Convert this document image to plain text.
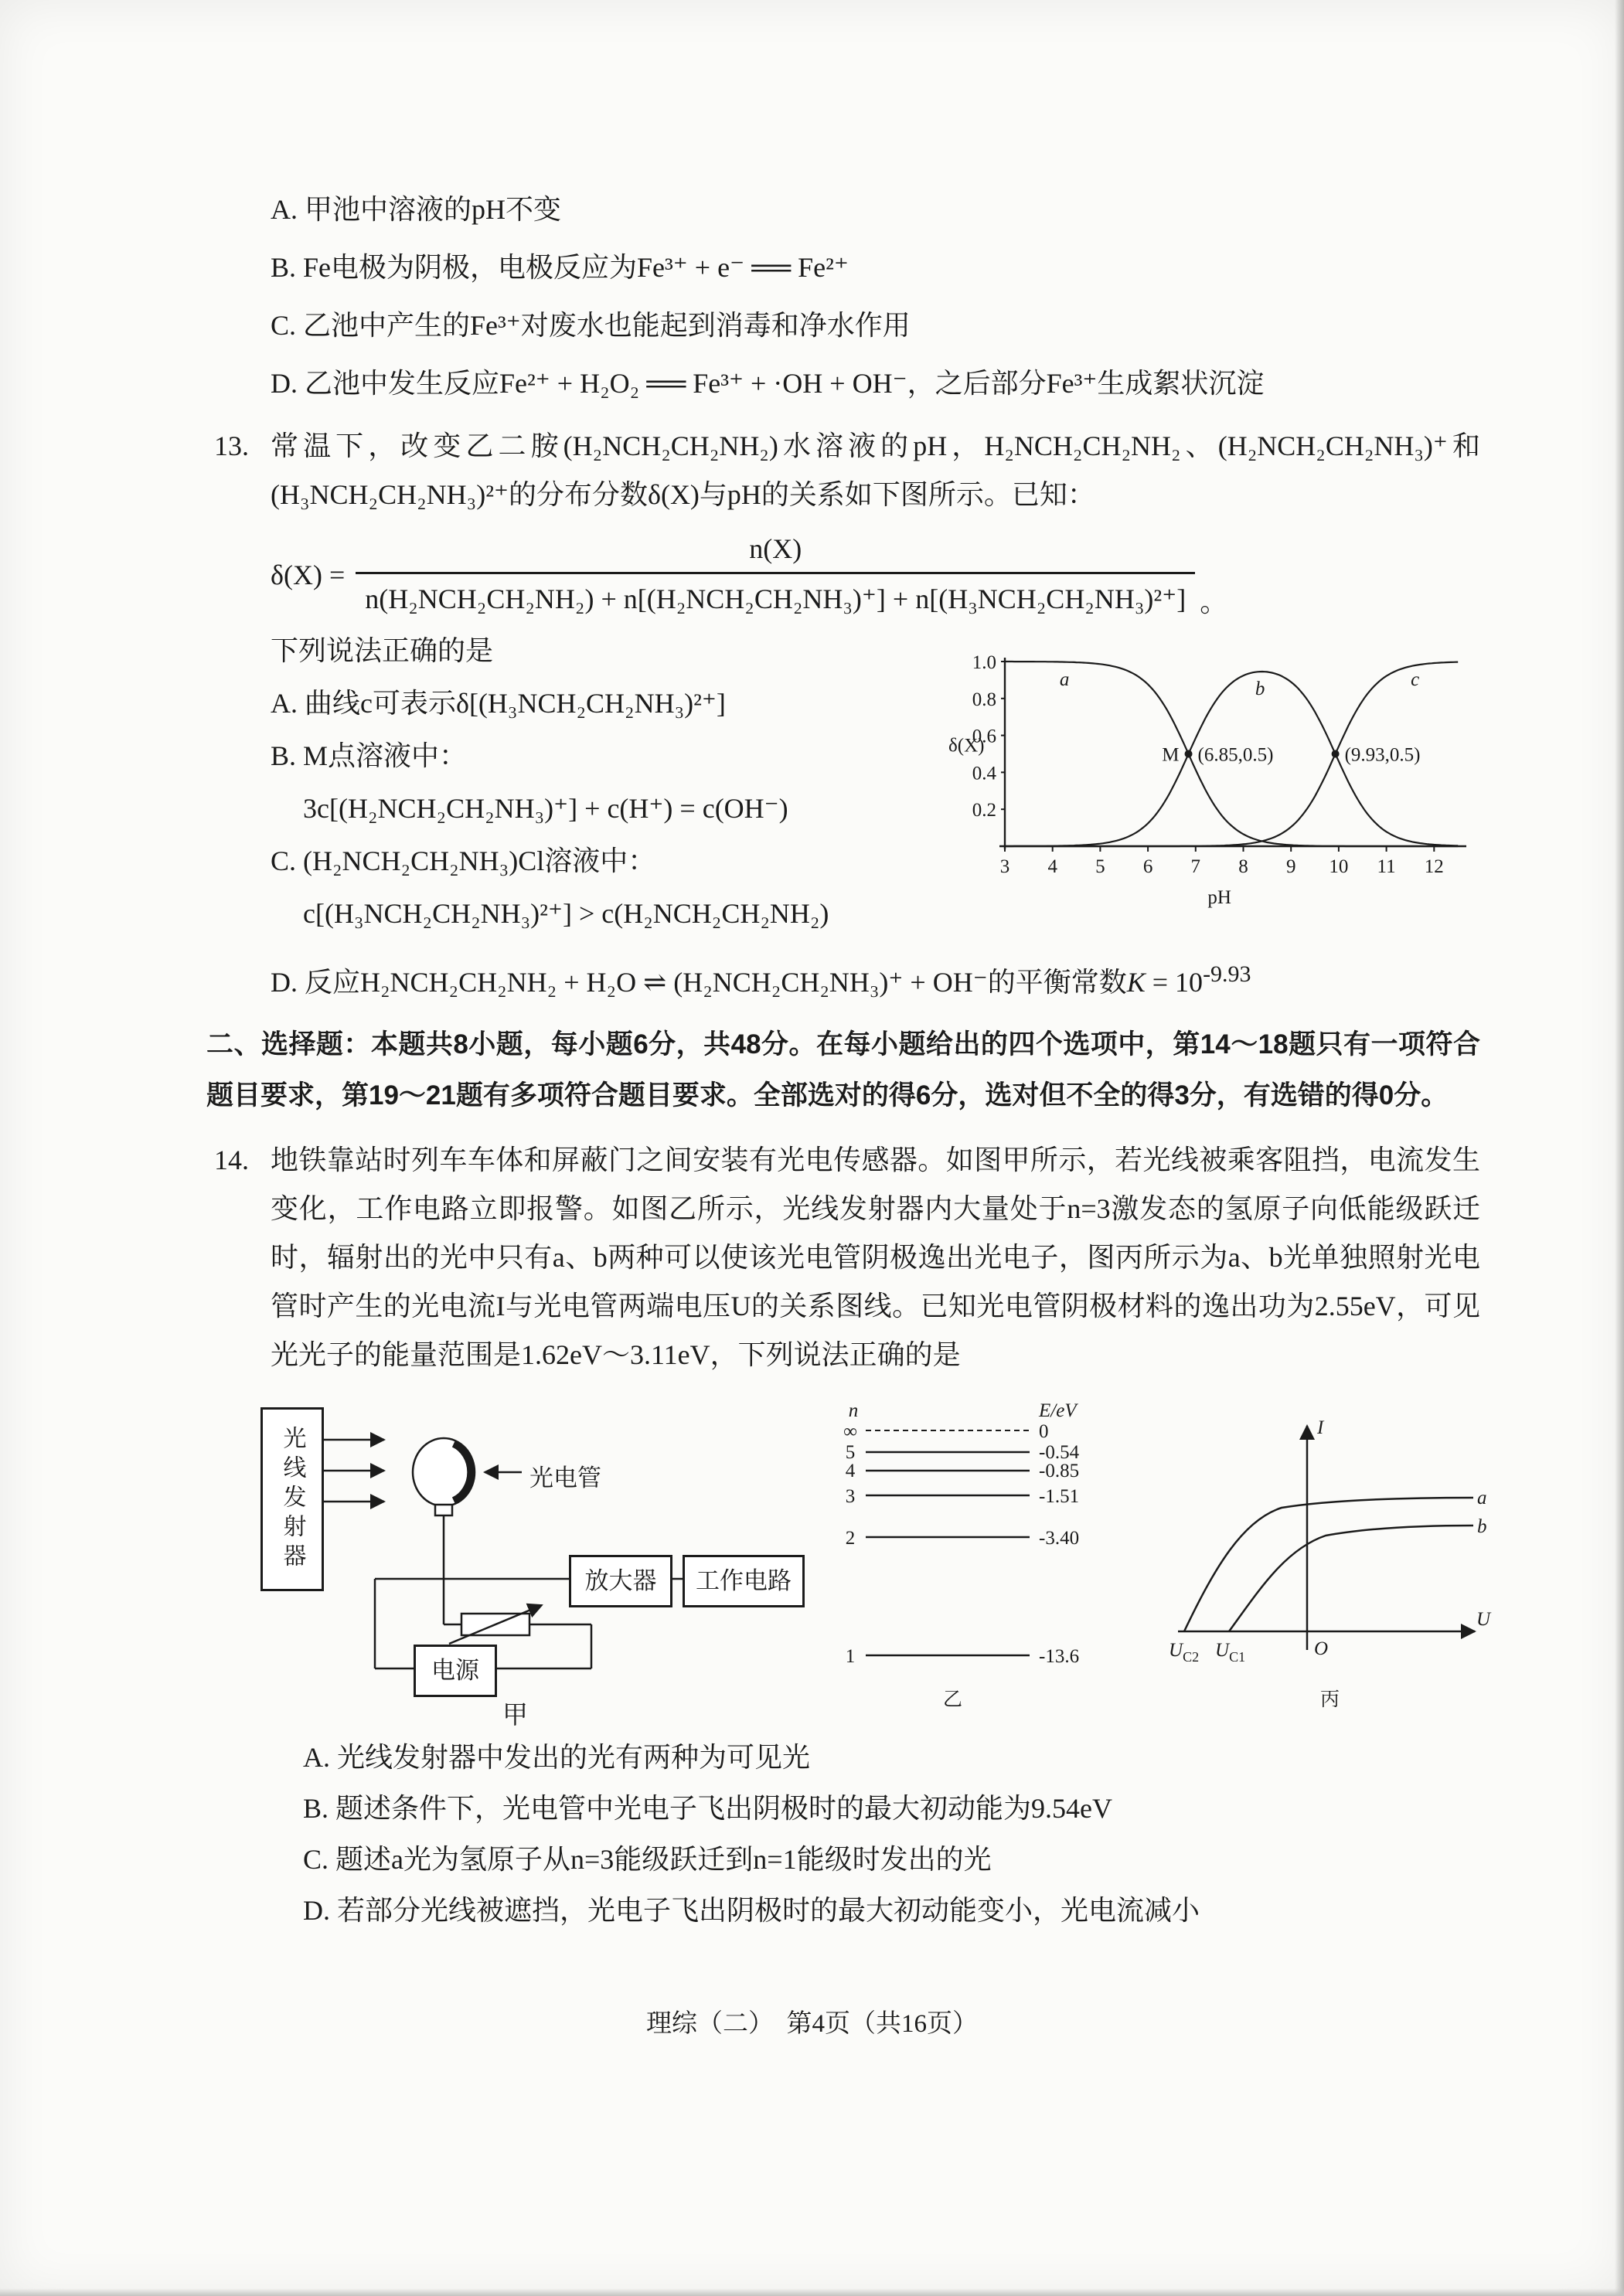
A. 甲池中溶液的pH不变
B. Fe电极为阴极，电极反应为Fe³⁺ + e⁻ ══ Fe²⁺
C. 乙池中产生的Fe³⁺对废水也能起到消毒和净水作用
D. 乙池中发生反应Fe²⁺ + H₂O₂ ══ Fe³⁺ + ·OH + OH⁻，之后部分Fe³⁺生成絮状沉淀
13. 常温下，改变乙二胺(H₂NCH₂CH₂NH₂)水溶液的pH，H₂NCH₂CH₂NH₂、(H₂NCH₂CH₂NH₃)⁺和(H₃NCH₂CH₂NH₃)²⁺的分布分数δ(X)与pH的关系如下图所示。已知：
$\delta(X) = \frac{n(X)}{\text{n(H₂NCH₂CH₂NH₂) + n[(H₂NCH₂CH₂NH₃)⁺] + n[(H₃NCH₂CH₂NH₃)²⁺]}}$ 。
下列说法正确的是
A. 曲线c可表示δ[(H₃NCH₂CH₂NH₃)²⁺]
B. M点溶液中：
3c[(H₂NCH₂CH₂NH₃)⁺] + c(H⁺) = c(OH⁻)
C. (H₂NCH₂CH₂NH₃)Cl溶液中：
c[(H₃NCH₂CH₂NH₃)²⁺] > c(H₂NCH₂CH₂NH₂)
3 4 5 6 7 8 9 10 11 12
0.2
0.4
0.6
0.8
1.0
δ(X)
pH
a	b	c
M (6.85,0.5)	(9.93,0.5)
D. 反应H₂NCH₂CH₂NH₂ + H₂O ⇌ (H₂NCH₂CH₂NH₃)⁺ + OH⁻的平衡常数$K = 10^{-9.93}$
二、选择题：本题共8小题，每小题6分，共48分。在每小题给出的四个选项中，第14～18题只有一项符合题目要求，第19～21题有多项符合题目要求。全部选对的得6分，选对但不全的得3分，有选错的得0分。
14. 地铁靠站时列车车体和屏蔽门之间安装有光电传感器。如图甲所示，若光线被乘客阻挡，电流发生变化，工作电路立即报警。如图乙所示，光线发射器内大量处于n=3激发态的氢原子向低能级跃迁时，辐射出的光中只有a、b两种可以使该光电管阴极逸出光电子，图丙所示为a、b光单独照射光电管时产生的光电流I与光电管两端电压U的关系图线。已知光电管阴极材料的逸出功为2.55eV，可见光光子的能量范围是1.62eV～3.11eV，下列说法正确的是
光线发射器	光电管
放大器	工作电路
电源
甲
n	E/eV
∞	0
5	-0.54
4	-0.85
3	-1.51
2	-3.40
1	-13.6
乙
I
U
O
a
b
$U_{C2}$ $U_{C1}$
丙
A. 光线发射器中发出的光有两种为可见光
B. 题述条件下，光电管中光电子飞出阴极时的最大初动能为9.54eV
C. 题述a光为氢原子从n=3能级跃迁到n=1能级时发出的光
D. 若部分光线被遮挡，光电子飞出阴极时的最大初动能变小，光电流减小
理综（二）　第4页（共16页）
